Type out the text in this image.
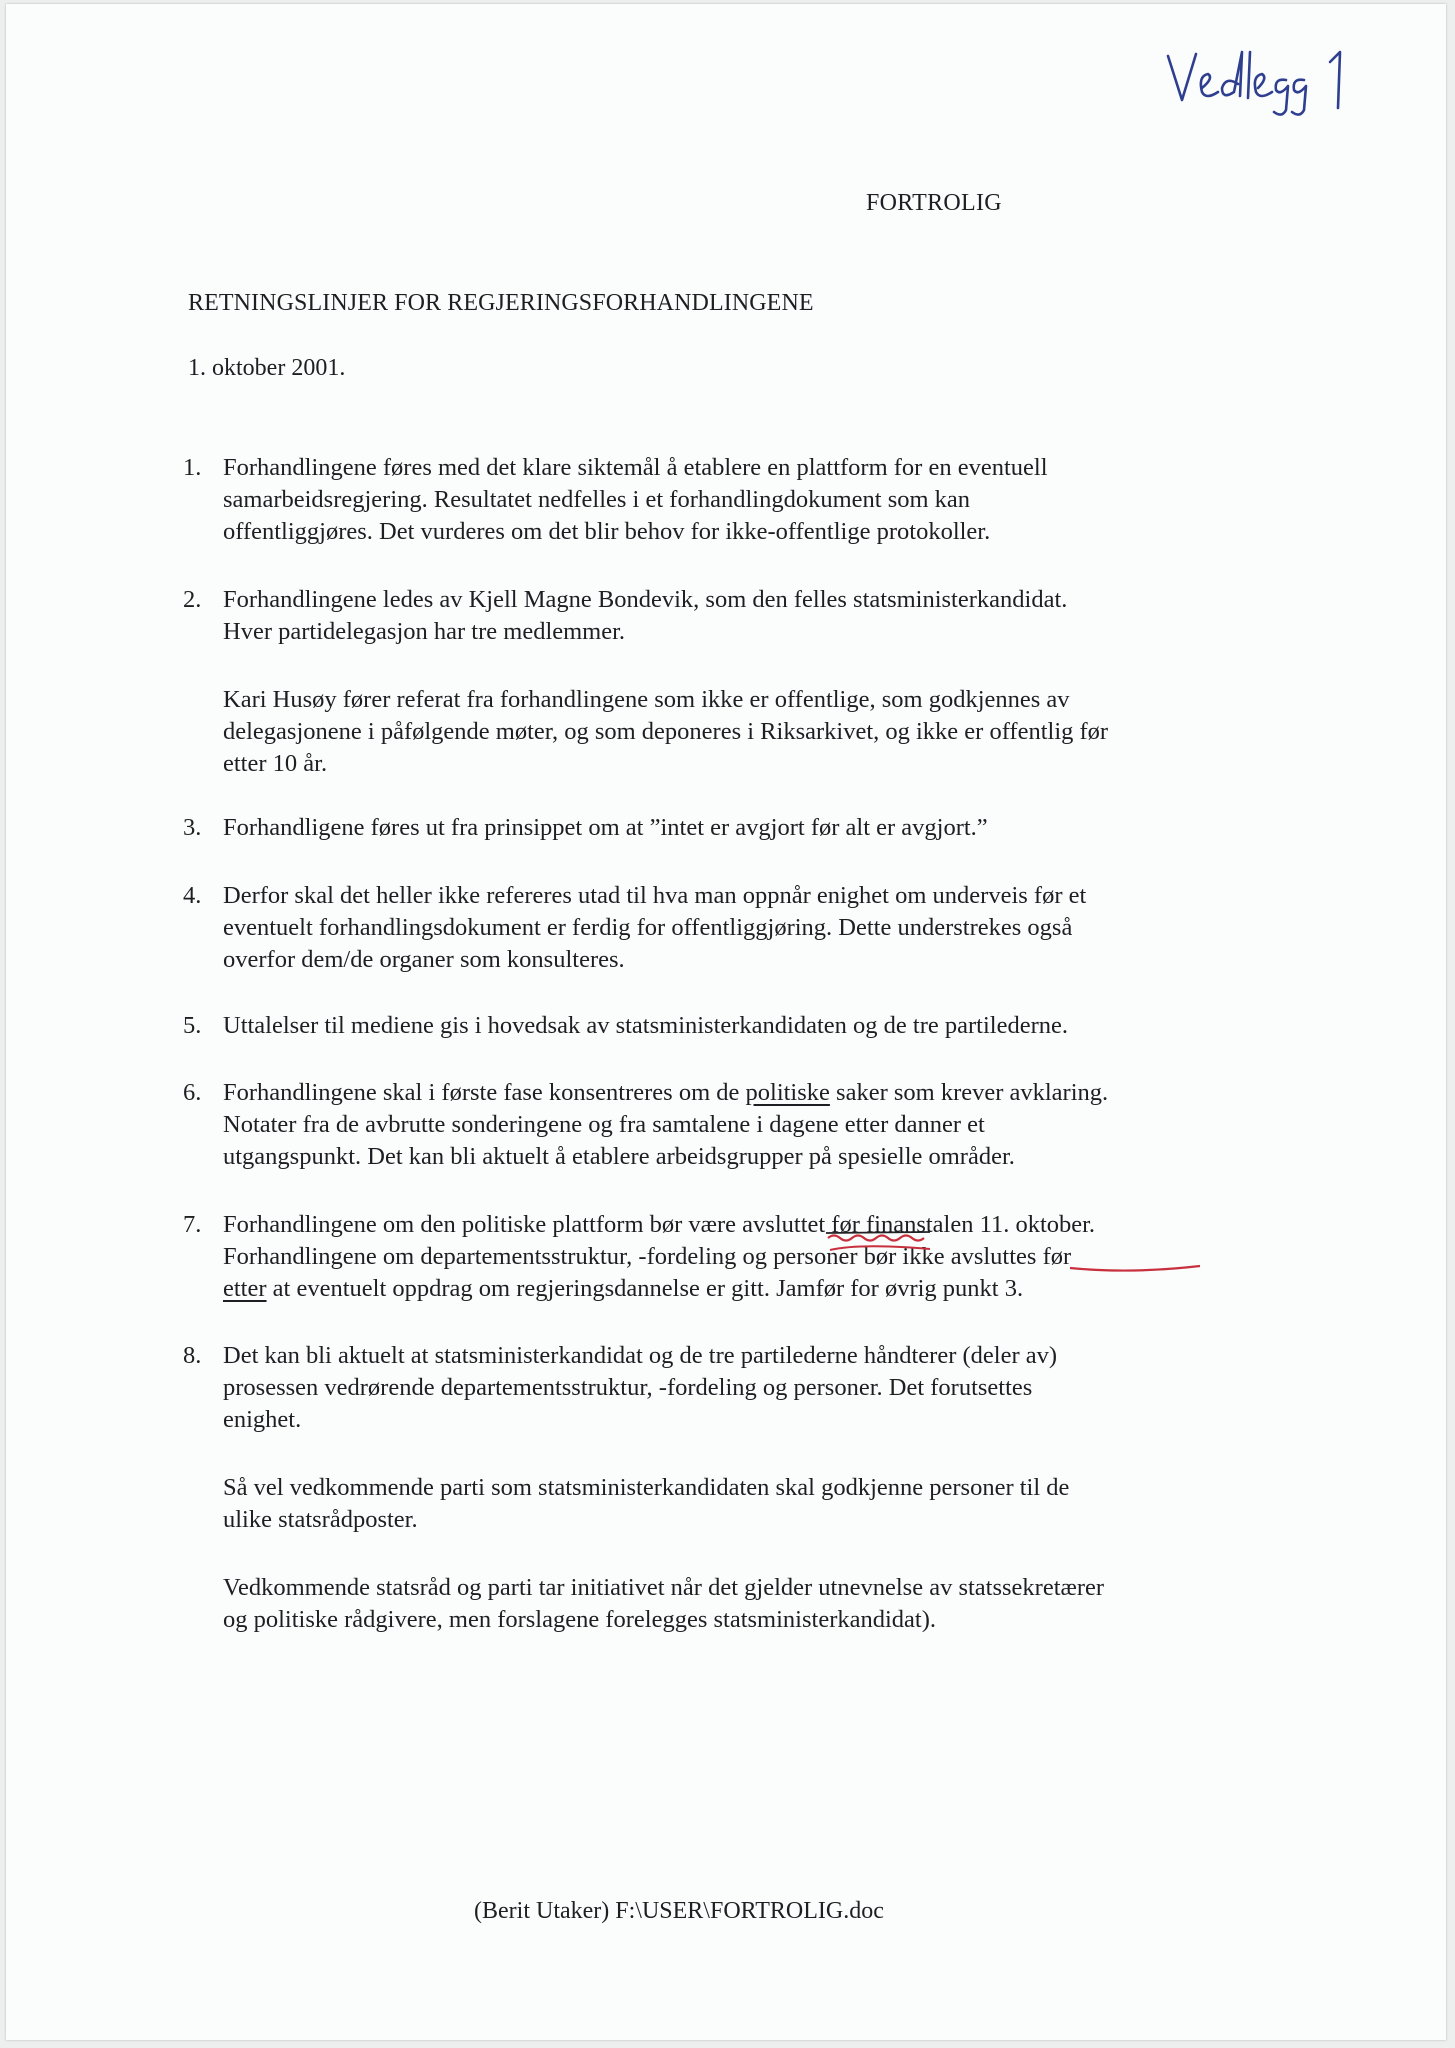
FORTROLIG
RETNINGSLINJER FOR REGJERINGSFORHANDLINGENE
1. oktober 2001.
1. Forhandlingene føres med det klare siktemål å etablere en plattform for en eventuell
samarbeidsregjering. Resultatet nedfelles i et forhandlingdokument som kan
offentliggjøres. Det vurderes om det blir behov for ikke-offentlige protokoller.
2. Forhandlingene ledes av Kjell Magne Bondevik, som den felles statsministerkandidat.
Hver partidelegasjon har tre medlemmer.
Kari Husøy fører referat fra forhandlingene som ikke er offentlige, som godkjennes av
delegasjonene i påfølgende møter, og som deponeres i Riksarkivet, og ikke er offentlig før
etter 10 år.
3. Forhandligene føres ut fra prinsippet om at ”intet er avgjort før alt er avgjort.”
4. Derfor skal det heller ikke refereres utad til hva man oppnår enighet om underveis før et
eventuelt forhandlingsdokument er ferdig for offentliggjøring. Dette understrekes også
overfor dem/de organer som konsulteres.
5. Uttalelser til mediene gis i hovedsak av statsministerkandidaten og de tre partilederne.
6. Forhandlingene skal i første fase konsentreres om de politiske saker som krever avklaring.
Notater fra de avbrutte sonderingene og fra samtalene i dagene etter danner et
utgangspunkt. Det kan bli aktuelt å etablere arbeidsgrupper på spesielle områder.
7. Forhandlingene om den politiske plattform bør være avsluttet før finanstalen 11. oktober.
Forhandlingene om departementsstruktur, -fordeling og personer bør ikke avsluttes før
etter at eventuelt oppdrag om regjeringsdannelse er gitt. Jamfør for øvrig punkt 3.
8. Det kan bli aktuelt at statsministerkandidat og de tre partilederne håndterer (deler av)
prosessen vedrørende departementsstruktur, -fordeling og personer. Det forutsettes
enighet.
Så vel vedkommende parti som statsministerkandidaten skal godkjenne personer til de
ulike statsrådposter.
Vedkommende statsråd og parti tar initiativet når det gjelder utnevnelse av statssekretærer
og politiske rådgivere, men forslagene forelegges statsministerkandidat).
(Berit Utaker) F:\USER\FORTROLIG.doc
